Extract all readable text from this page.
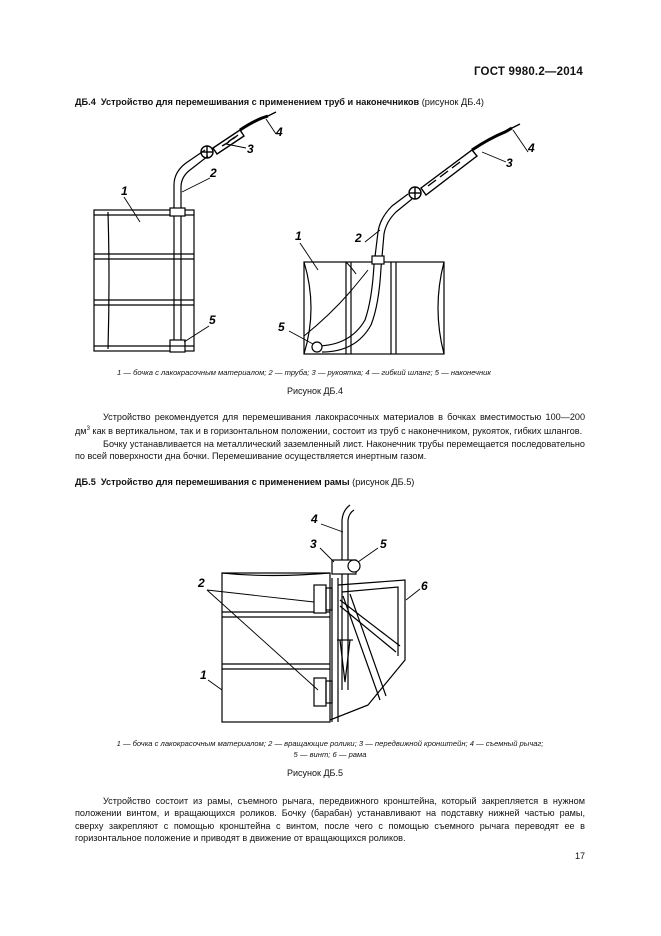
ГОСТ 9980.2—2014
ДБ.4 Устройство для перемешивания с применением труб и наконечников (рисунок ДБ.4)
1
2
3
4
5
1	2
3
4
5
4
3	5
2	6
1
1 — бочка с лакокрасочным материалом; 2 — труба; 3 — рукоятка; 4 — гибкий шланг; 5 — наконечник
Рисунок ДБ.4

Устройство рекомендуется для перемешивания лакокрасочных материалов в бочках вместимостью 100—200 $дм^3$ как в вертикальном, так и в горизонтальном положении, состоит из труб с наконечником, рукояток, гибких шлангов.

Бочку устанавливается на металлический заземленный лист. Наконечник трубы перемещается последовательно по всей поверхности дна бочки. Перемешивание осуществляется инертным газом.

ДБ.5 Устройство для перемешивания с применением рамы (рисунок ДБ.5)
1 — бочка с лакокрасочным материалом; 2 — вращающие ролики; 3 — передвижной кронштейн; 4 — съемный рычаг;
5 — винт; 6 — рама
Рисунок ДБ.5

Устройство состоит из рамы, съемного рычага, передвижного кронштейна, который закрепляется в нужном положении винтом, и вращающихся роликов. Бочку (барабан) устанавливают на подставку нижней частью рамы, сверху закрепляют с помощью кронштейна с винтом, после чего с помощью съемного рычага переводят ее в горизонтальное положение и приводят в движение от вращающихся роликов.

17
